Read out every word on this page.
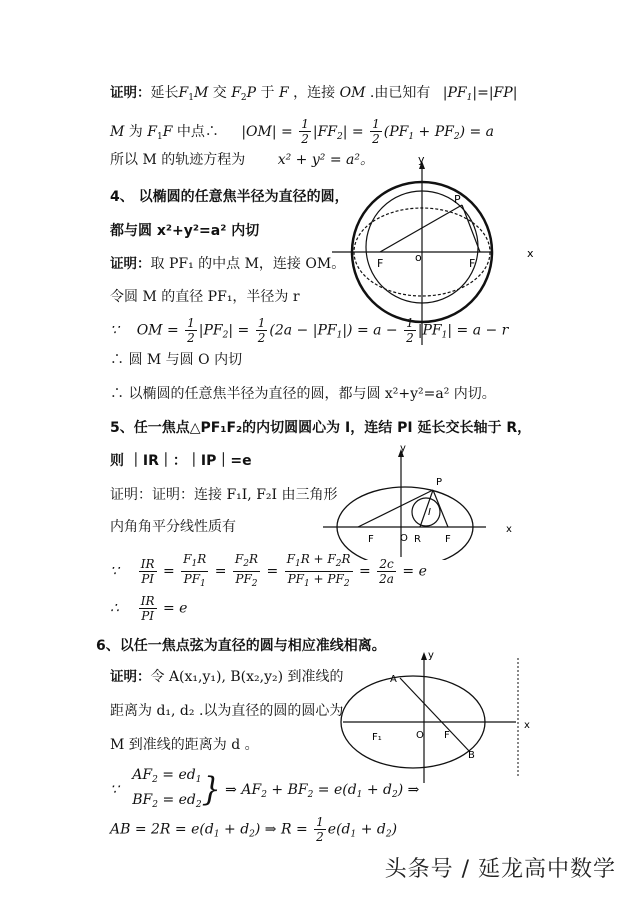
证明：延长$F_1M$ 交 $F_2P$ 于 F ，连接 OM .由已知有 $|PF_1|=|FP|$
M 为 $F_1F$ 中点∴ $|OM| = \frac{1}{2} |FF_2| = \frac{1}{2} (PF_1 + PF_2) = a$
所以 M 的轨迹方程为 x² + y² = a²。
4、 以椭圆的任意焦半径为直径的圆，
都与圆 x²+y²=a² 内切
证明：取 PF₁ 的中点 M，连接 OM。
令圆 M 的直径 PF₁，半径为 r
∵    OM = $\frac{1}{2} |PF_2| = \frac{1}{2} (2a - |PF_1|) = a - \frac{1}{2} |PF_1| = a - r$
∴ 圆 M 与圆 O 内切
∴ 以椭圆的任意焦半径为直径的圆，都与圆 x²+y²=a² 内切。
y
P
F	o	F
x
5、任一焦点△PF₁F₂的内切圆圆心为 I，连结 PI 延长交长轴于 R，
则 ｜IR｜：｜IP｜=e
证明：证明：连接 F₁I, F₂I 由三角形
内角角平分线性质有
∵ $\frac{IR}{PI} = \frac{F_1R}{PF_1} = \frac{F_2R}{PF_2} = \frac{F_1R + F_2R}{PF_1 + PF_2} = \frac{2c}{2a} = e$
∴ $\frac{IR}{PI} = e$
y
P
I
F	O R F
x
6、以任一焦点弦为直径的圆与相应准线相离。
证明：令 A(x₁,y₁), B(x₂,y₂) 到准线的
距离为 d₁, d₂ .以为直径的圆的圆心为
M 到准线的距离为 d 。
∵   $AF_2 = ed_1$
$BF_2 = ed_2$} ⇒ $AF_2 + BF_2 = e(d_1 + d_2)$ ⇒
AB = $2R = e(d_1 + d_2)$ ⇒ $R = \frac{1}{2} e(d_1 + d_2)$
y
A
F₁	O F
B
x
头条号 / 延龙高中数学
